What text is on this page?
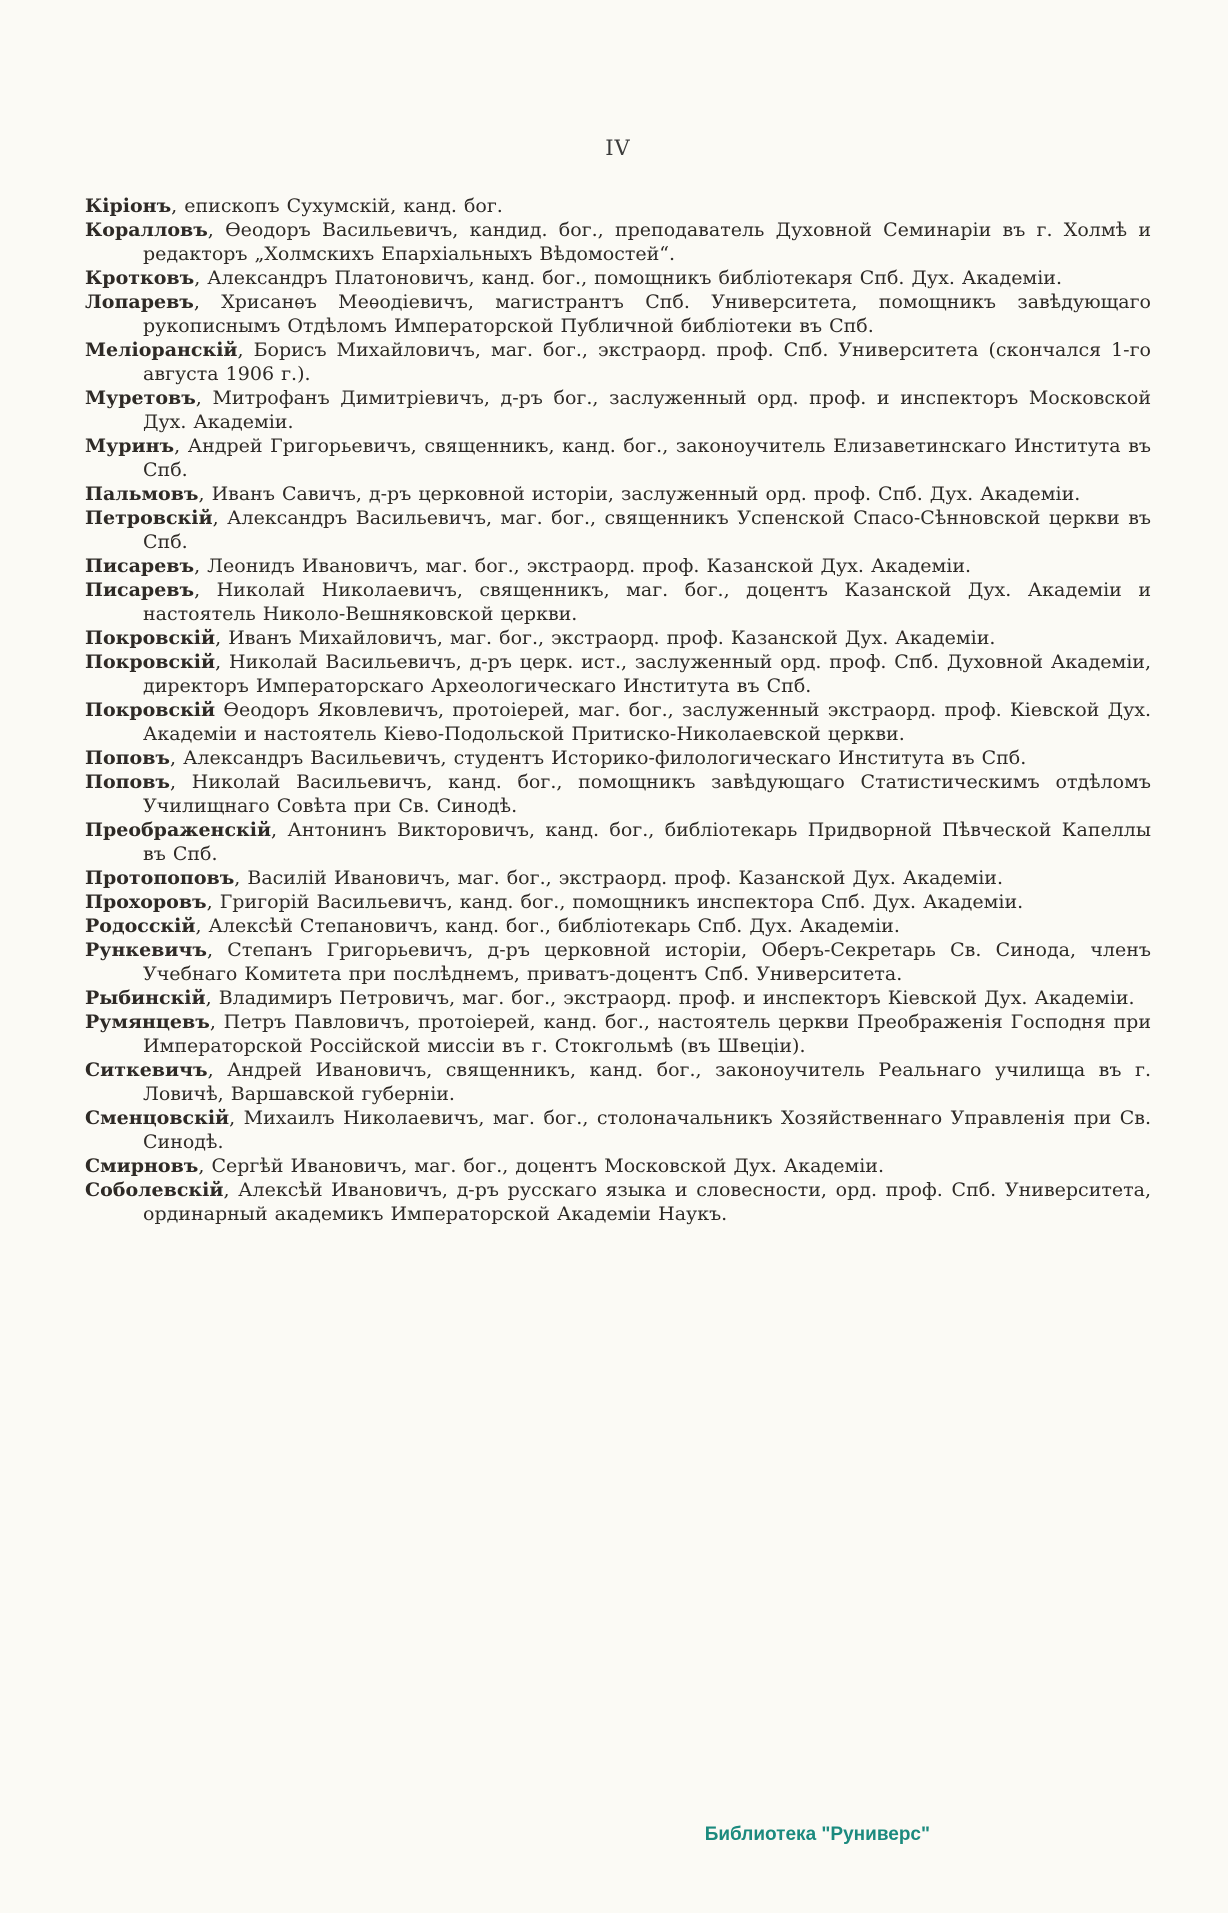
IV

Кіріонъ, епископъ Сухумскій, канд. бог.

Коралловъ, Ѳеодоръ Васильевичъ, кандид. бог., преподаватель Духовной Семинаріи въ г. Холмѣ и редакторъ „Холмскихъ Епархіальныхъ Вѣдомостей“.

Кротковъ, Александръ Платоновичъ, канд. бог., помощникъ библіотекаря Спб. Дух. Академіи.

Лопаревъ, Хрисанѳъ Меѳодіевичъ, магистрантъ Спб. Университета, помощникъ завѣдующаго рукописнымъ Отдѣломъ Императорской Публичной библіотеки въ Спб.

Меліоранскій, Борисъ Михайловичъ, маг. бог., экстраорд. проф. Спб. Университета (скончался 1-го августа 1906 г.).

Муретовъ, Митрофанъ Димитріевичъ, д-ръ бог., заслуженный орд. проф. и инспекторъ Московской Дух. Академіи.

Муринъ, Андрей Григорьевичъ, священникъ, канд. бог., законоучитель Елизаветинскаго Института въ Спб.

Пальмовъ, Иванъ Савичъ, д-ръ церковной исторіи, заслуженный орд. проф. Спб. Дух. Академіи.

Петровскій, Александръ Васильевичъ, маг. бог., священникъ Успенской Спасо-Сѣнновской церкви въ Спб.

Писаревъ, Леонидъ Ивановичъ, маг. бог., экстраорд. проф. Казанской Дух. Академіи.

Писаревъ, Николай Николаевичъ, священникъ, маг. бог., доцентъ Казанской Дух. Академіи и настоятель Николо-Вешняковской церкви.

Покровскій, Иванъ Михайловичъ, маг. бог., экстраорд. проф. Казанской Дух. Академіи.

Покровскій, Николай Васильевичъ, д-ръ церк. ист., заслуженный орд. проф. Спб. Духовной Академіи, директоръ Императорскаго Археологическаго Института въ Спб.

Покровскій Ѳеодоръ Яковлевичъ, протоіерей, маг. бог., заслуженный экстраорд. проф. Кіевской Дух. Академіи и настоятель Кіево-Подольской Притиско-Николаевской церкви.

Поповъ, Александръ Васильевичъ, студентъ Историко-филологическаго Института въ Спб.

Поповъ, Николай Васильевичъ, канд. бог., помощникъ завѣдующаго Статистическимъ отдѣломъ Училищнаго Совѣта при Св. Синодѣ.

Преображенскій, Антонинъ Викторовичъ, канд. бог., библіотекарь Придворной Пѣвческой Капеллы въ Спб.

Протопоповъ, Василій Ивановичъ, маг. бог., экстраорд. проф. Казанской Дух. Академіи.

Прохоровъ, Григорій Васильевичъ, канд. бог., помощникъ инспектора Спб. Дух. Академіи.

Родосскій, Алексѣй Степановичъ, канд. бог., библіотекарь Спб. Дух. Академіи.

Рункевичъ, Степанъ Григорьевичъ, д-ръ церковной исторіи, Оберъ-Секретарь Св. Синода, членъ Учебнаго Комитета при послѣднемъ, приватъ-доцентъ Спб. Университета.

Рыбинскій, Владимиръ Петровичъ, маг. бог., экстраорд. проф. и инспекторъ Кіевской Дух. Академіи.

Румянцевъ, Петръ Павловичъ, протоіерей, канд. бог., настоятель церкви Преображенія Господня при Императорской Россійской миссіи въ г. Стокгольмѣ (въ Швеціи).

Ситкевичъ, Андрей Ивановичъ, священникъ, канд. бог., законоучитель Реальнаго училища въ г. Ловичѣ, Варшавской губерніи.

Сменцовскій, Михаилъ Николаевичъ, маг. бог., столоначальникъ Хозяйственнаго Управленія при Св. Синодѣ.

Смирновъ, Сергѣй Ивановичъ, маг. бог., доцентъ Московской Дух. Академіи.

Соболевскій, Алексѣй Ивановичъ, д-ръ русскаго языка и словесности, орд. проф. Спб. Университета, ординарный академикъ Императорской Академіи Наукъ.

Библиотека "Руниверс"
